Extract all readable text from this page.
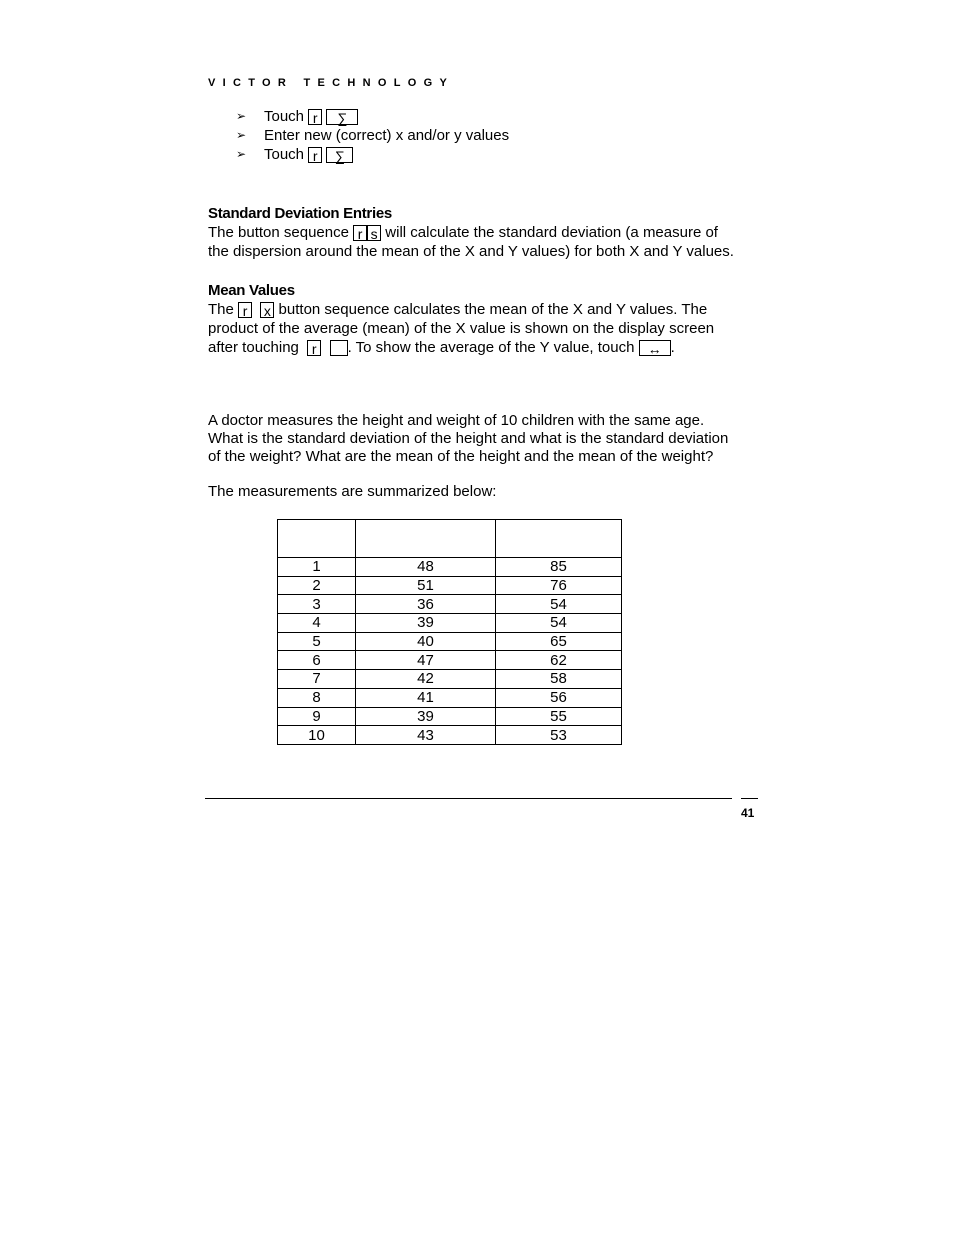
VICTOR TECHNOLOGY
➢	Touch
r
	∑
➢	Enter new (correct) x and/or y values
➢	Touch
r
	∑
Standard Deviation Entries
The button sequence r s will calculate the standard deviation (a measure of
the dispersion around the mean of the X and Y values) for both X and Y values.
Mean Values
The r x button sequence calculates the mean of the X and Y values. The
product of the average (mean) of the X value is shown on the display screen
after touching r . To show the average of the Y value, touch ↔ .
A doctor measures the height and weight of 10 children with the same age.
What is the standard deviation of the height and what is the standard deviation
of the weight? What are the mean of the height and the mean of the weight?
The measurements are summarized below:

1	48	85
2	51	76
3	36	54
4	39	54
5	40	65
6	47	62
7	42	58
8	41	56
9	39	55
10	43	53
41
